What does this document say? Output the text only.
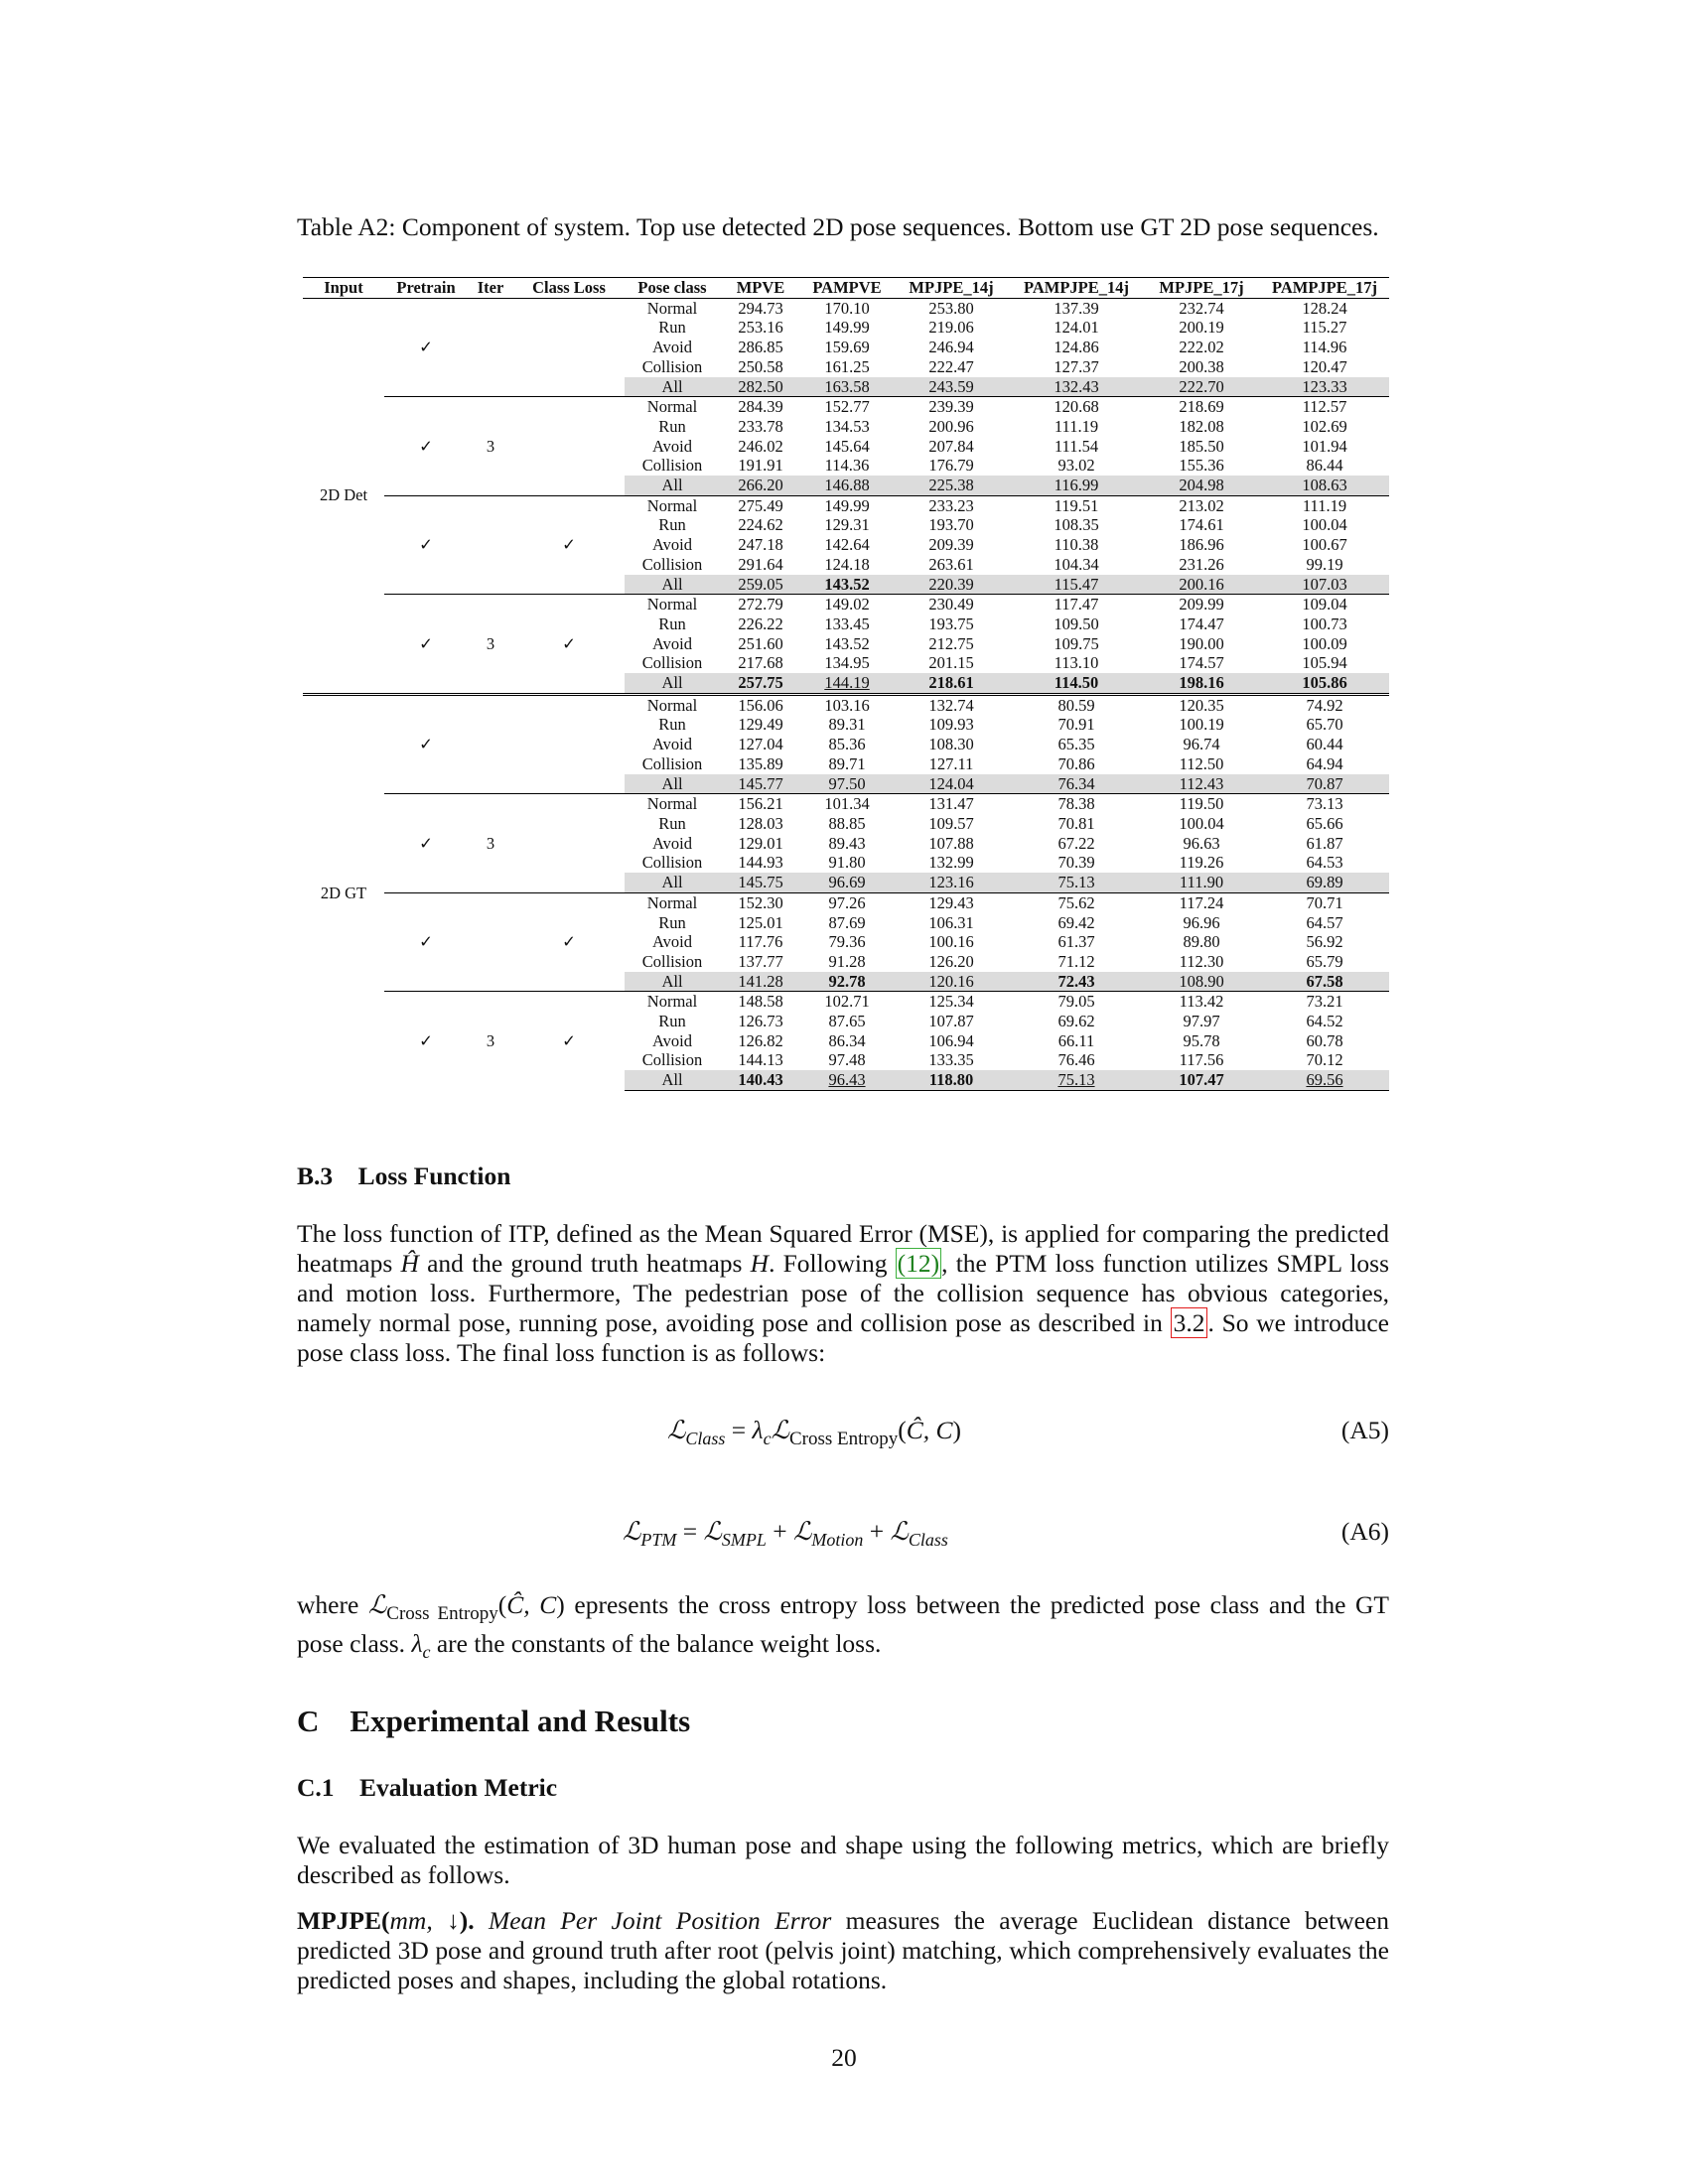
Table A2: Component of system. Top use detected 2D pose sequences. Bottom use GT 2D pose sequences.
Input	Pretrain	Iter	Class Loss	Pose class	MPVE	PAMPVE	MPJPE_14j	PAMPJPE_14j	MPJPE_17j	PAMPJPE_17j
2D Det	✓			Normal	294.73	170.10	253.80	137.39	232.74	128.24
				Run	253.16	149.99	219.06	124.01	200.19	115.27
				Avoid	286.85	159.69	246.94	124.86	222.02	114.96
				Collision	250.58	161.25	222.47	127.37	200.38	120.47
				All	282.50	163.58	243.59	132.43	222.70	123.33
	✓	3		Normal	284.39	152.77	239.39	120.68	218.69	112.57
				Run	233.78	134.53	200.96	111.19	182.08	102.69
				Avoid	246.02	145.64	207.84	111.54	185.50	101.94
				Collision	191.91	114.36	176.79	93.02	155.36	86.44
				All	266.20	146.88	225.38	116.99	204.98	108.63
	✓		✓	Normal	275.49	149.99	233.23	119.51	213.02	111.19
				Run	224.62	129.31	193.70	108.35	174.61	100.04
				Avoid	247.18	142.64	209.39	110.38	186.96	100.67
				Collision	291.64	124.18	263.61	104.34	231.26	99.19
				All	259.05	143.52	220.39	115.47	200.16	107.03
	✓	3	✓	Normal	272.79	149.02	230.49	117.47	209.99	109.04
				Run	226.22	133.45	193.75	109.50	174.47	100.73
				Avoid	251.60	143.52	212.75	109.75	190.00	100.09
				Collision	217.68	134.95	201.15	113.10	174.57	105.94
				All	257.75	144.19	218.61	114.50	198.16	105.86
2D GT	✓			Normal	156.06	103.16	132.74	80.59	120.35	74.92
				Run	129.49	89.31	109.93	70.91	100.19	65.70
				Avoid	127.04	85.36	108.30	65.35	96.74	60.44
				Collision	135.89	89.71	127.11	70.86	112.50	64.94
				All	145.77	97.50	124.04	76.34	112.43	70.87
	✓	3		Normal	156.21	101.34	131.47	78.38	119.50	73.13
				Run	128.03	88.85	109.57	70.81	100.04	65.66
				Avoid	129.01	89.43	107.88	67.22	96.63	61.87
				Collision	144.93	91.80	132.99	70.39	119.26	64.53
				All	145.75	96.69	123.16	75.13	111.90	69.89
	✓		✓	Normal	152.30	97.26	129.43	75.62	117.24	70.71
				Run	125.01	87.69	106.31	69.42	96.96	64.57
				Avoid	117.76	79.36	100.16	61.37	89.80	56.92
				Collision	137.77	91.28	126.20	71.12	112.30	65.79
				All	141.28	92.78	120.16	72.43	108.90	67.58
	✓	3	✓	Normal	148.58	102.71	125.34	79.05	113.42	73.21
				Run	126.73	87.65	107.87	69.62	97.97	64.52
				Avoid	126.82	86.34	106.94	66.11	95.78	60.78
				Collision	144.13	97.48	133.35	76.46	117.56	70.12
				All	140.43	96.43	118.80	75.13	107.47	69.56
B.3 Loss Function
The loss function of ITP, defined as the Mean Squared Error (MSE), is applied for comparing the predicted heatmaps Ĥ and the ground truth heatmaps H. Following (12), the PTM loss function utilizes SMPL loss and motion loss. Furthermore, The pedestrian pose of the collision sequence has obvious categories, namely normal pose, running pose, avoiding pose and collision pose as described in 3.2 . So we introduce pose class loss. The final loss function is as follows:
ℒ$_{Class}$ = $\lambda_cℒ_{Cross Entropy}(Ĉ$, C)	(A5)
ℒ$_{PTM}$ = ℒ$_{SMPL}$ + ℒ$_{Motion}$ + ℒ$_{Class}$	(A6)
where ℒ$_{Cross Entropy}$(Ĉ, C) epresents the cross entropy loss between the predicted pose class and the GT pose class. $\lambda_c$ are the constants of the balance weight loss.
C Experimental and Results
C.1 Evaluation Metric
We evaluated the estimation of 3D human pose and shape using the following metrics, which are briefly described as follows.
MPJPE(mm, ↓). Mean Per Joint Position Error measures the average Euclidean distance between predicted 3D pose and ground truth after root (pelvis joint) matching, which comprehensively evaluates the predicted poses and shapes, including the global rotations.
20
